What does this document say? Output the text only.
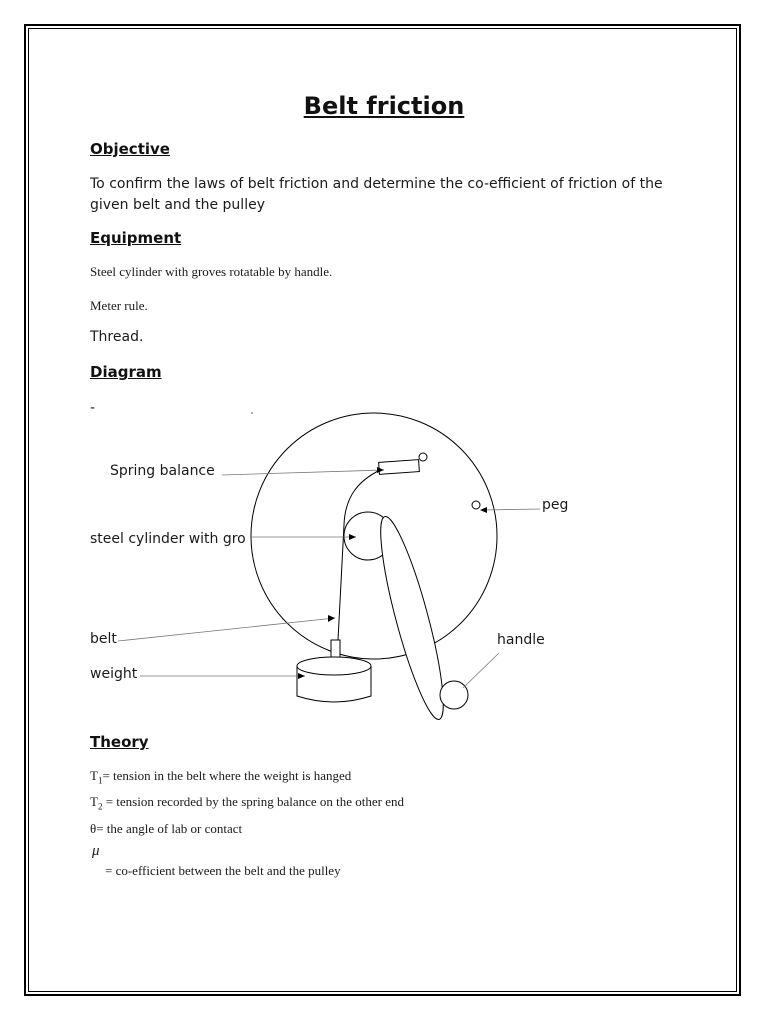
Belt friction
Objective
To confirm the laws of belt friction and determine the co-efficient of friction of the given belt and the pulley
Equipment
Steel cylinder with groves rotatable by handle.
Meter rule.
Thread.
Diagram
-
Spring balance
steel cylinder with gro
belt
weight
peg
handle
Theory
$T_1=$ tension in the belt where the weight is hanged
$T_2$ = tension recorded by the spring balance on the other end
θ= the angle of lab or contact
μ
= co-efficient between the belt and the pulley
